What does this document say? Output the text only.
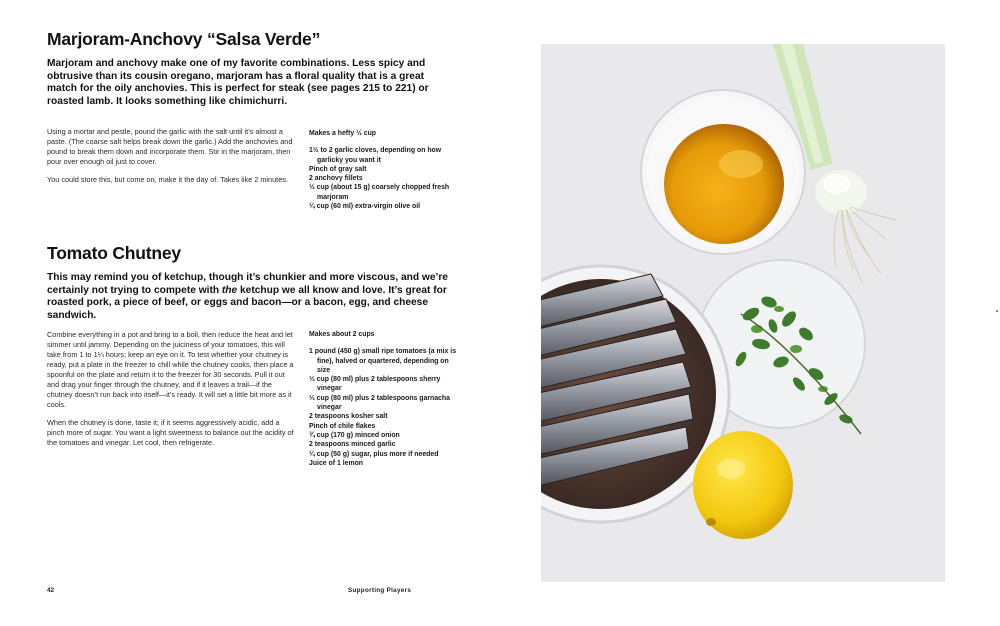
Marjoram-Anchovy “Salsa Verde”

Marjoram and anchovy make one of my favorite combinations. Less spicy and obtrusive than its cousin oregano, marjoram has a floral quality that is a great match for the oily anchovies. This is perfect for steak (see pages 215 to 221) or roasted lamb. It looks something like chimichurri.

Using a mortar and pestle, pound the garlic with the salt until it’s almost a paste. (The coarse salt helps break down the garlic.) Add the anchovies and pound to break them down and incorporate them. Stir in the marjoram, then pour over enough oil just to cover.

You could store this, but come on, make it the day of. Takes like 2 minutes.

Makes a hefty ½ cup
1½ to 2 garlic cloves, depending on how garlicky you want it
Pinch of gray salt
2 anchovy fillets
½ cup (about 15 g) coarsely chopped fresh marjoram
¼ cup (60 ml) extra-virgin olive oil
Tomato Chutney

This may remind you of ketchup, though it’s chunkier and more viscous, and we’re certainly not trying to compete with the ketchup we all know and love. It’s great for roasted pork, a piece of beef, or eggs and bacon—or a bacon, egg, and cheese sandwich.

Combine everything in a pot and bring to a boil, then reduce the heat and let simmer until jammy. Depending on the juiciness of your tomatoes, this will take from 1 to 1¼ hours; keep an eye on it. To test whether your chutney is ready, put a plate in the freezer to chill while the chutney cooks, then place a spoonful on the plate and return it to the freezer for 30 seconds. Pull it out and drag your finger through the chutney, and if it leaves a trail—if the chutney doesn’t run back into itself—it’s ready. It will set a little bit more as it cools.

When the chutney is done, taste it; if it seems aggressively acidic, add a pinch more of sugar. You want a light sweetness to balance out the acidity of the tomatoes and vinegar. Let cool, then refrigerate.

Makes about 2 cups
1 pound (450 g) small ripe tomatoes (a mix is fine), halved or quartered, depending on size
⅓ cup (80 ml) plus 2 tablespoons sherry vinegar
⅓ cup (80 ml) plus 2 tablespoons garnacha vinegar
2 teaspoons kosher salt
Pinch of chile flakes
¾ cup (170 g) minced onion
2 teaspoons minced garlic
¼ cup (50 g) sugar, plus more if needed
Juice of 1 lemon
42	Supporting Players
◔
